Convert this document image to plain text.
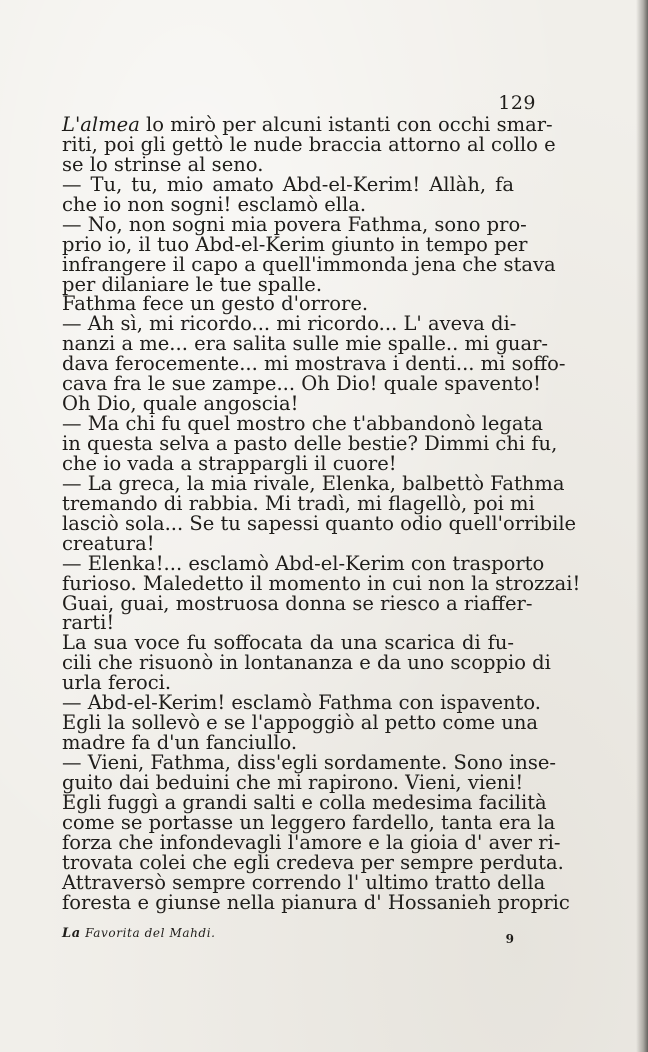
129
L'almea lo mirò per alcuni istanti con occhi smar-
riti, poi gli gettò le nude braccia attorno al collo e
se lo strinse al seno.
— Tu, tu, mio amato Abd-el-Kerim! Allàh, fa
che io non sogni! esclamò ella.
— No, non sogni mia povera Fathma, sono pro-
prio io, il tuo Abd-el-Kerim giunto in tempo per
infrangere il capo a quell'immonda jena che stava
per dilaniare le tue spalle.
Fathma fece un gesto d'orrore.
— Ah sì, mi ricordo... mi ricordo... L' aveva di-
nanzi a me... era salita sulle mie spalle.. mi guar-
dava ferocemente... mi mostrava i denti... mi soffo-
cava fra le sue zampe... Oh Dio! quale spavento!
Oh Dio, quale angoscia!
— Ma chi fu quel mostro che t'abbandonò legata
in questa selva a pasto delle bestie? Dimmi chi fu,
che io vada a strappargli il cuore!
— La greca, la mia rivale, Elenka, balbettò Fathma
tremando di rabbia. Mi tradì, mi flagellò, poi mi
lasciò sola... Se tu sapessi quanto odio quell'orribile
creatura!
— Elenka!... esclamò Abd-el-Kerim con trasporto
furioso. Maledetto il momento in cui non la strozzai!
Guai, guai, mostruosa donna se riesco a riaffer-
rarti!
La sua voce fu soffocata da una scarica di fu-
cili che risuonò in lontananza e da uno scoppio di
urla feroci.
— Abd-el-Kerim! esclamò Fathma con ispavento.
Egli la sollevò e se l'appoggiò al petto come una
madre fa d'un fanciullo.
— Vieni, Fathma, diss'egli sordamente. Sono inse-
guito dai beduini che mi rapirono. Vieni, vieni!
Egli fuggì a grandi salti e colla medesima facilità
come se portasse un leggero fardello, tanta era la
forza che infondevagli l'amore e la gioia d' aver ri-
trovata colei che egli credeva per sempre perduta.
Attraversò sempre correndo l' ultimo tratto della
foresta e giunse nella pianura d' Hossanieh propric
La Favorita del Mahdi.	9
